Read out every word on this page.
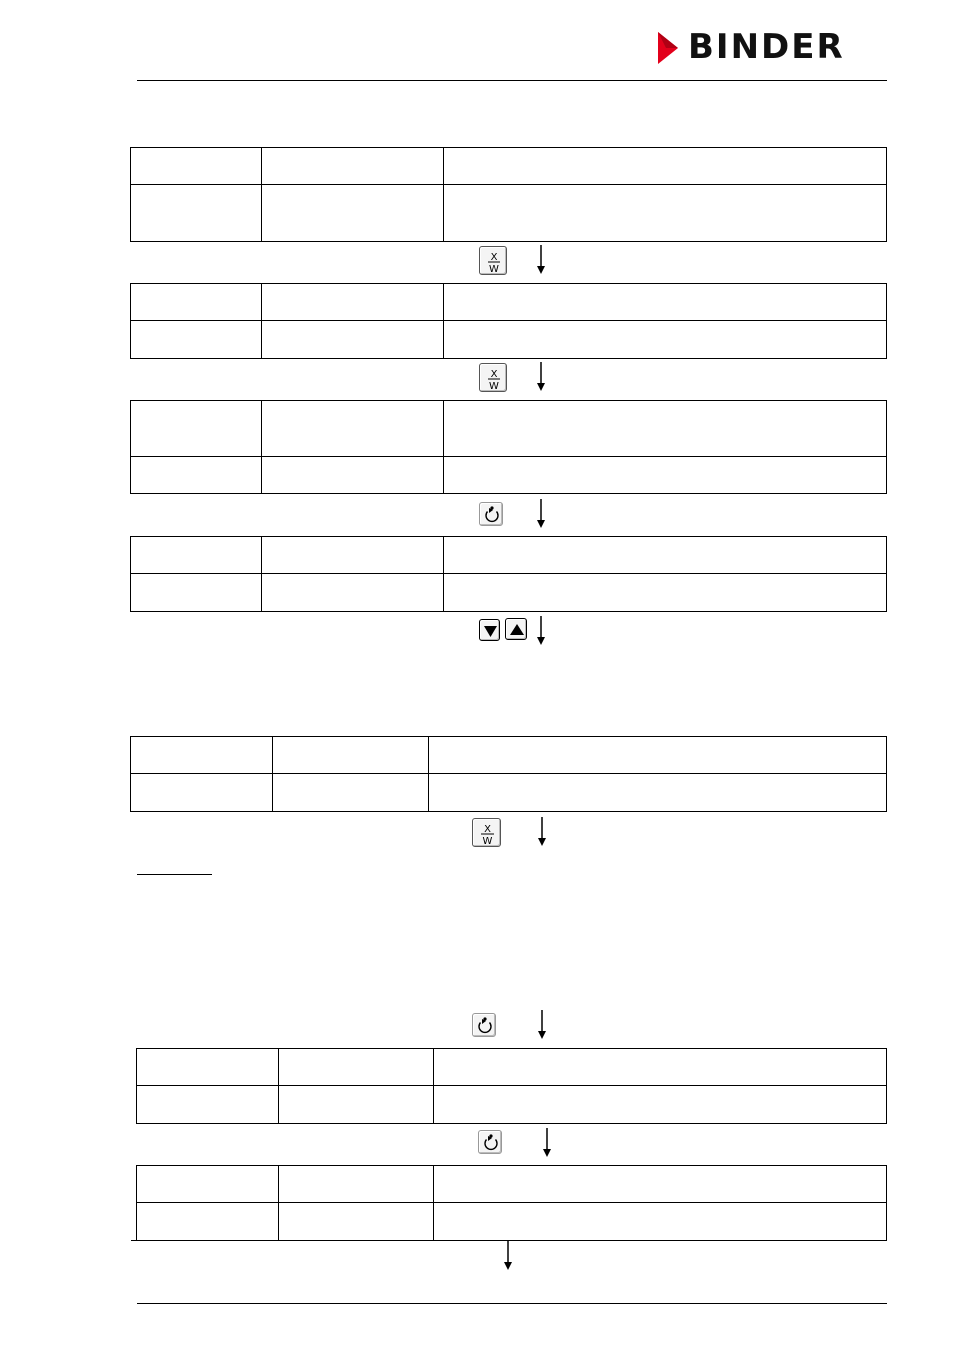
BINDER

X
W

X
W

X
W
